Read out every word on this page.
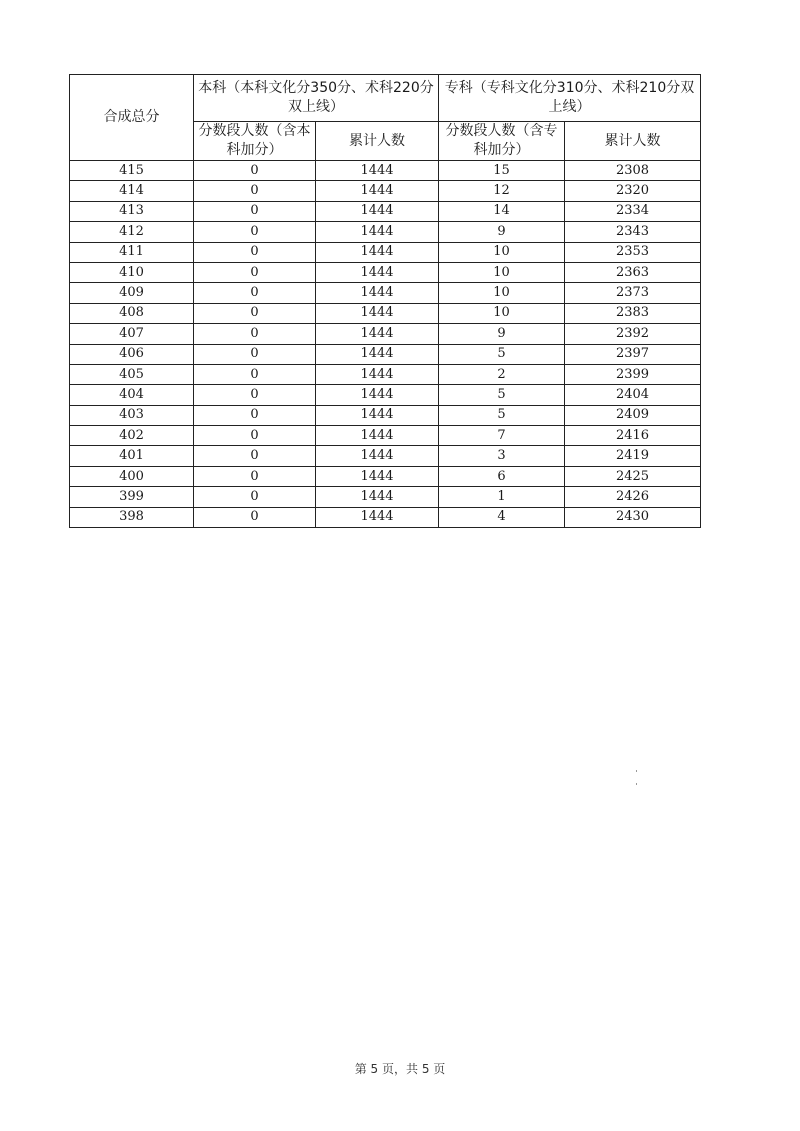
合成总分	本科（本科文化分350分、术科220分双上线）		专科（专科文化分310分、术科210分双上线）	
	分数段人数（含本科加分）	累计人数	分数段人数（含专科加分）	累计人数
415	0	1444	15	2308
414	0	1444	12	2320
413	0	1444	14	2334
412	0	1444	9	2343
411	0	1444	10	2353
410	0	1444	10	2363
409	0	1444	10	2373
408	0	1444	10	2383
407	0	1444	9	2392
406	0	1444	5	2397
405	0	1444	2	2399
404	0	1444	5	2404
403	0	1444	5	2409
402	0	1444	7	2416
401	0	1444	3	2419
400	0	1444	6	2425
399	0	1444	1	2426
398	0	1444	4	2430
第 5 页，共 5 页
